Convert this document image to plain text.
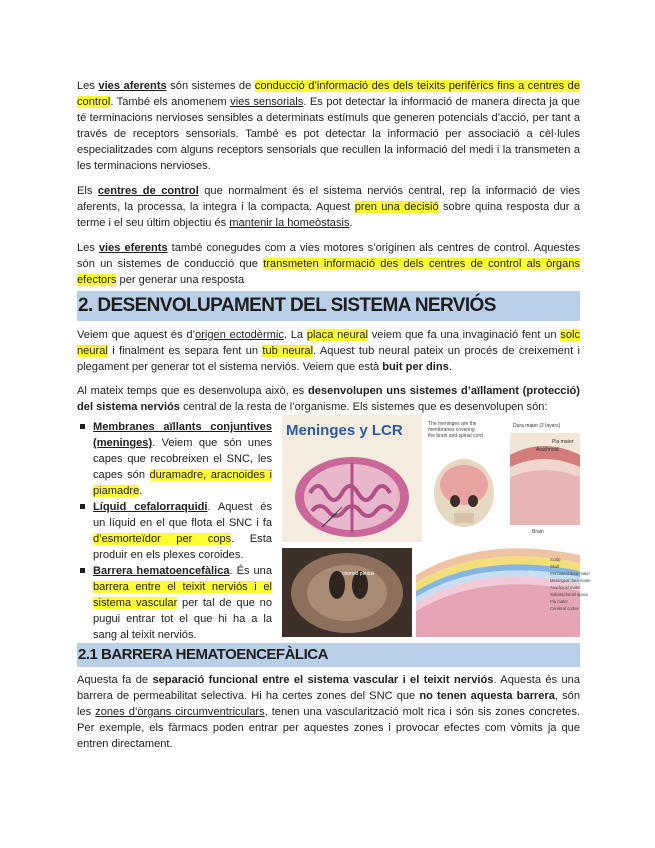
Les vies aferents són sistemes de conducció d’informació des dels teixits perifèrics fins a centres de control. També els anomenem vies sensorials. Es pot detectar la informació de manera directa ja que té terminacions nervioses sensibles a determinats estímuls que generen potencials d’acció, per tant a través de receptors sensorials. També es pot detectar la informació per associació a cèl·lules especialitzades com alguns receptors sensorials que recullen la informació del medi i la transmeten a les terminacions nervioses.

Els centres de control que normalment és el sistema nerviós central, rep la informació de vies aferents, la processa, la integra i la compacta. Aquest pren una decisió sobre quina resposta dur a terme i el seu últim objectiu és mantenir la homeòstasis.

Les vies eferents també conegudes com a vies motores s’originen als centres de control. Aquestes són un sistemes de conducció que transmeten informació des dels centres de control als òrgans efectors per generar una resposta

2. DESENVOLUPAMENT DEL SISTEMA NERVIÓS

Veiem que aquest és d’origen ectodèrmic. La placa neural veiem que fa una invaginació fent un solc neural i finalment es separa fent un tub neural. Aquest tub neural pateix un procés de creixement i plegament per generar tot el sistema nerviós. Veiem que està buit per dins.

Al mateix temps que es desenvolupa això, es desenvolupen uns sistemes d’aïllament (protecció) del sistema nerviós central de la resta de l’organisme. Els sistemes que es desenvolupen són:

Membranes aïllants conjuntives (meninges). Veiem que són unes capes que recobreixen el SNC, les capes són duramadre, aracnoides i piamadre.
Líquid cefalorraquidi. Aquest és un líquid en el que flota el SNC i fa d’esmorteïdor per cops. Esta produir en els plexes coroides.
Barrera hematoencefàlica. És una barrera entre el teixit nerviós i el sistema vascular per tal de que no pugui entrar tot el que hi ha a la sang al teixit nerviós.
Meninges y LCR	The meninges are the membranes covering the brain and spinal cord
Dura mater (2 layers)
Arachnoid
Pia mater
Brain
choroid plexus
Scalp
Skull
Periosteal dura mater
Meningeal dura mater
Arachnoid mater
Subarachnoid space
Pia mater
Cerebral cortex
2.1 BARRERA HEMATOENCEFÀLICA

Aquesta fa de separació funcional entre el sistema vascular i el teixit nerviós. Aquesta és una barrera de permeabilitat selectiva. Hi ha certes zones del SNC que no tenen aquesta barrera, són les zones d’òrgans circumventriculars, tenen una vascularització molt rica i són sis zones concretes. Per exemple, els fàrmacs poden entrar per aquestes zones i provocar efectes com vòmits ja que entren directament.
